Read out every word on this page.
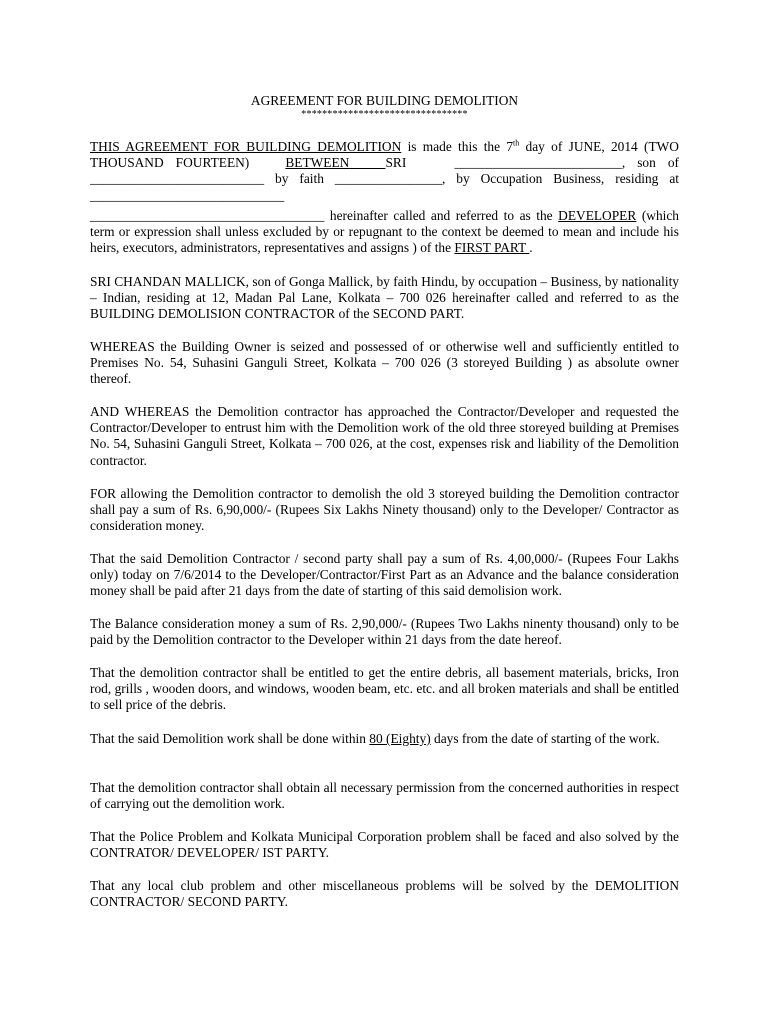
AGREEMENT FOR BUILDING DEMOLITION
********************************
THIS AGREEMENT FOR BUILDING DEMOLITION is made this the 7th day of JUNE, 2014 (TWO
THOUSAND FOURTEEN)	BETWEEN	SRI	_________________________, son of
__________________________ by faith ________________, by Occupation Business, residing at
_____________________________
___________________________________ hereinafter called and referred to as the DEVELOPER (which term or expression shall unless excluded by or repugnant to the context be deemed to mean and include his heirs, executors, administrators, representatives and assigns ) of the FIRST PART .
SRI CHANDAN MALLICK, son of Gonga Mallick, by faith Hindu, by occupation – Business, by nationality – Indian, residing at 12, Madan Pal Lane, Kolkata – 700 026 hereinafter called and referred to as the BUILDING DEMOLISION CONTRACTOR of the SECOND PART.
WHEREAS the Building Owner is seized and possessed of or otherwise well and sufficiently entitled to Premises No. 54, Suhasini Ganguli Street, Kolkata – 700 026 (3 storeyed Building ) as absolute owner thereof.
AND WHEREAS the Demolition contractor has approached the Contractor/Developer and requested the Contractor/Developer to entrust him with the Demolition work of the old three storeyed building at Premises No. 54, Suhasini Ganguli Street, Kolkata – 700 026, at the cost, expenses risk and liability of the Demolition contractor.
FOR allowing the Demolition contractor to demolish the old 3 storeyed building the Demolition contractor shall pay a sum of Rs. 6,90,000/- (Rupees Six Lakhs Ninety thousand) only to the Developer/ Contractor as consideration money.
That the said Demolition Contractor / second party shall pay a sum of Rs. 4,00,000/- (Rupees Four Lakhs only) today on 7/6/2014 to the Developer/Contractor/First Part as an Advance and the balance consideration money shall be paid after 21 days from the date of starting of this said demolision work.
The Balance consideration money a sum of Rs. 2,90,000/- (Rupees Two Lakhs ninenty thousand) only to be paid by the Demolition contractor to the Developer within 21 days from the date hereof.
That the demolition contractor shall be entitled to get the entire debris, all basement materials, bricks, Iron rod, grills , wooden doors, and windows, wooden beam, etc. etc. and all broken materials and shall be entitled to sell price of the debris.
That the said Demolition work shall be done within 80 (Eighty) days from the date of starting of the work.
That the demolition contractor shall obtain all necessary permission from the concerned authorities in respect of carrying out the demolition work.
That the Police Problem and Kolkata Municipal Corporation problem shall be faced and also solved by the CONTRATOR/ DEVELOPER/ IST PARTY.
That any local club problem and other miscellaneous problems will be solved by the DEMOLITION CONTRACTOR/ SECOND PARTY.
